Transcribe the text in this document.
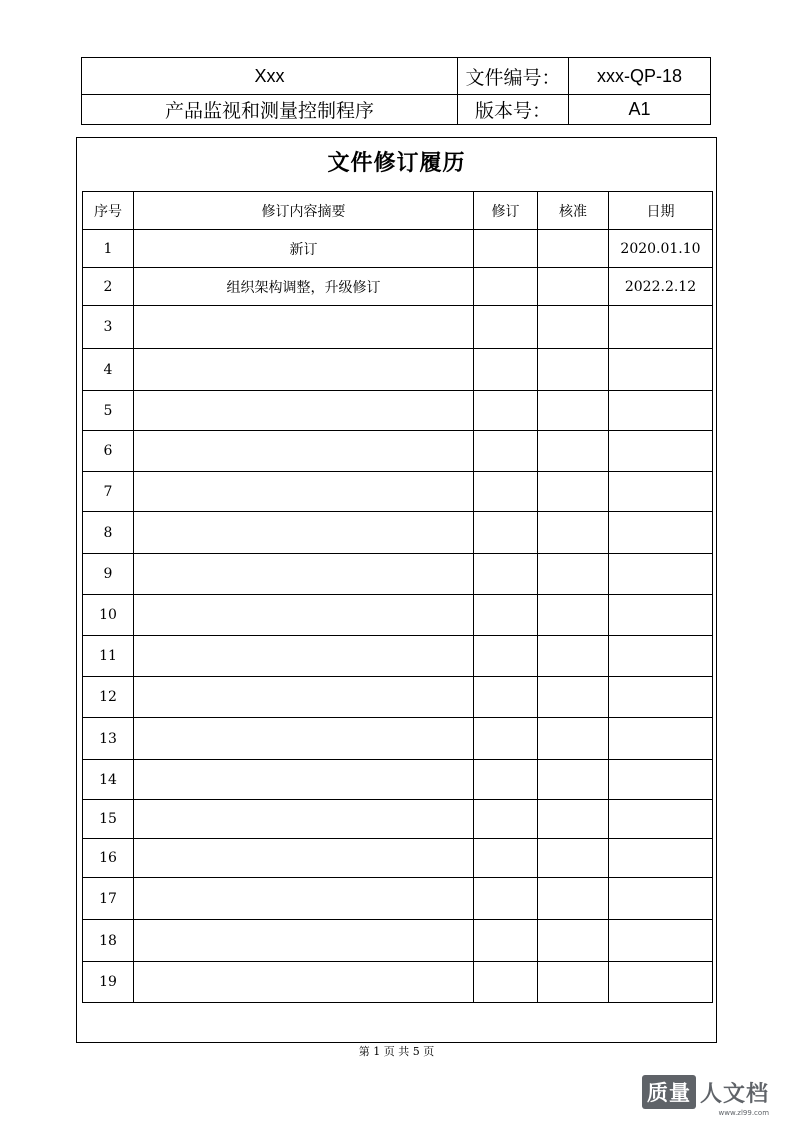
Xxx	文件编号：	xxx-QP-18
产品监视和测量控制程序	版本号：	A1
文件修订履历
序号	修订内容摘要	修订	核准	日期
1	新订			2020.01.10
2	组织架构调整，升级修订			2022.2.12
3				
4				
5				
6				
7				
8				
9				
10				
11				
12				
13				
14				
15				
16				
17				
18				
19				
第 1 页 共 5 页
质量 人文档
www.zl99.com
